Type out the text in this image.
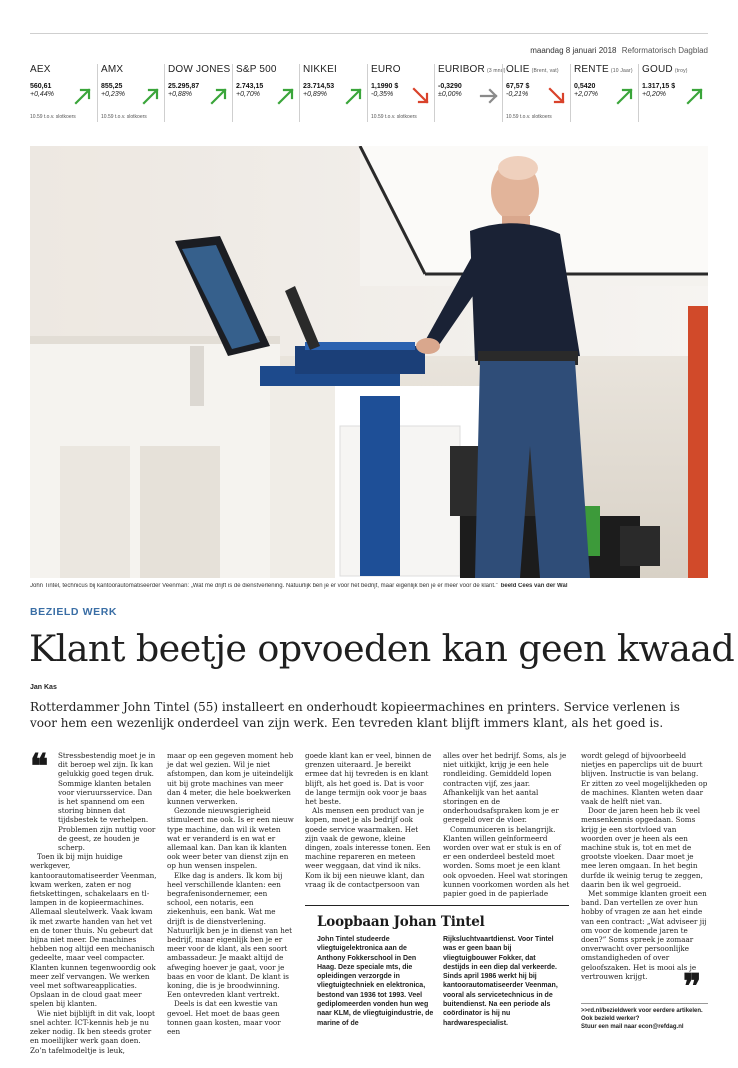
maandag 8 januari 2018 Reformatorisch Dagblad
AEX
560,61
+0,44%
10.59 t.o.v. slotkoers
AMX
855,25
+0,23%
10.59 t.o.v. slotkoers
DOW JONES
25.295,87
+0,88%
S&P 500
2.743,15
+0,70%
NIKKEI
23.714,53
+0,89%
EURO
1,1990 $
-0,35%
10.59 t.o.v. slotkoers
EURIBOR (3 mnd)
-0,3290
±0,00%
OLIE (Brent, vat)
67,57 $
-0,21%
10.59 t.o.v. slotkoers
RENTE (10 Jaar)
0,5420
+2,07%
GOUD (troy)
1.317,15 $
+0,20%
John Tintel, technicus bij kantoorautomatiseerder Veenman: „Wat me drijft is de dienstverlening. Natuurlijk ben je er voor het bedrijf, maar eigenlijk ben je er meer voor de klant.” beeld Cees van der Wal
BEZIELD WERK
Klant beetje opvoeden kan geen kwaad
Jan Kas
Rotterdammer John Tintel (55) installeert en onderhoudt kopieermachines en printers. Service verlenen is voor hem een wezenlijk onderdeel van zijn werk. Een tevreden klant blijft immers klant, als het goed is.
❝	Stressbestendig moet je in dit beroep wel zijn. Ik kan gelukkig goed tegen druk. Sommige klanten betalen voor vieruursservice. Dan is het spannend om een storing binnen dat tijdsbestek te verhelpen. Problemen zijn nuttig voor de geest, ze houden je scherp.

Toen ik bij mijn huidige werkgever, kantoorautomatiseerder Veenman, kwam werken, zaten er nog fietskettingen, schakelaars en tl-lampen in de kopieermachines. Allemaal sleutelwerk. Vaak kwam ik met zwarte handen van het vet en de toner thuis. Nu gebeurt dat bijna niet meer. De machines hebben nog altijd een mechanisch gedeelte, maar veel compacter. Klanten kunnen tegenwoordig ook meer zelf vervangen. We werken veel met softwareapplicaties. Opslaan in de cloud gaat meer spelen bij klanten.

Wie niet bijblijft in dit vak, loopt snel achter. ICT-kennis heb je nu zeker nodig. Ik ben steeds groter en moeilijker werk gaan doen. Zo’n tafelmodeltje is leuk,

maar op een gegeven moment heb je dat wel gezien. Wil je niet afstompen, dan kom je uiteindelijk uit bij grote machines van meer dan 4 meter, die hele boekwerken kunnen verwerken.

Gezonde nieuwsgierigheid stimuleert me ook. Is er een nieuw type machine, dan wil ik weten wat er veranderd is en wat er allemaal kan. Dan kan ik klanten ook weer beter van dienst zijn en op hun wensen inspelen.

Elke dag is anders. Ik kom bij heel verschillende klanten: een begrafenisondernemer, een school, een notaris, een ziekenhuis, een bank. Wat me drijft is de dienstverlening. Natuurlijk ben je in dienst van het bedrijf, maar eigenlijk ben je er meer voor de klant, als een soort ambassadeur. Je maakt altijd de afweging hoever je gaat, voor je baas en voor de klant. De klant is koning, die is je broodwinning. Een ontevreden klant vertrekt.

Deels is dat een kwestie van gevoel. Het moet de baas geen tonnen gaan kosten, maar voor een

goede klant kan er veel, binnen de grenzen uiteraard. Je bereikt ermee dat hij tevreden is en klant blijft, als het goed is. Dat is voor de lange termijn ook voor je baas het beste.

Als mensen een product van je kopen, moet je als bedrijf ook goede service waarmaken. Het zijn vaak de gewone, kleine dingen, zoals interesse tonen. Een machine repareren en meteen weer weggaan, dat vind ik niks. Kom ik bij een nieuwe klant, dan vraag ik de contactpersoon van

alles over het bedrijf. Soms, als je niet uitkijkt, krijg je een hele rondleiding. Gemiddeld lopen contracten vijf, zes jaar. Afhankelijk van het aantal storingen en de onderhoudsafspraken kom je er geregeld over de vloer.

Communiceren is belangrijk. Klanten willen geïnformeerd worden over wat er stuk is en of er een onderdeel besteld moet worden. Soms moet je een klant ook opvoeden. Heel wat storingen kunnen voorkomen worden als het papier goed in de papierlade

wordt gelegd of bijvoorbeeld nietjes en paperclips uit de buurt blijven. Instructie is van belang. Er zitten zo veel mogelijkheden op de machines. Klanten weten daar vaak de helft niet van.

Door de jaren heen heb ik veel mensenkennis opgedaan. Soms krijg je een stortvloed van woorden over je heen als een machine stuk is, tot en met de grootste vloeken. Daar moet je mee leren omgaan. In het begin durfde ik weinig terug te zeggen, daarin ben ik wel gegroeid.

Met sommige klanten groeit een band. Dan vertellen ze over hun hobby of vragen ze aan het einde van een contract: „Wat adviseer jij om voor de komende jaren te doen?” Soms spreek je zomaar onverwacht over persoonlijke omstandigheden of over geloofszaken. Het is mooi als je vertrouwen krijgt.	❞
Loopbaan Johan Tintel
John Tintel studeerde vliegtuigelektronica aan de Anthony Fokkerschool in Den Haag. Deze speciale mts, die opleidingen verzorgde in vliegtuigtechniek en elektronica, bestond van 1936 tot 1993. Veel gediplomeerden vonden hun weg naar KLM, de vliegtuigindustrie, de marine of de
Rijksluchtvaartdienst. Voor Tintel was er geen baan bij vliegtuigbouwer Fokker, dat destijds in een diep dal verkeerde. Sinds april 1986 werkt hij bij kantoorautomatiseerder Veenman, vooral als servicetechnicus in de buitendienst. Na een periode als coördinator is hij nu hardwarespecialist.
>>rd.nl/bezieldwerk voor eerdere artikelen. Ook bezield werker?
Stuur een mail naar econ@refdag.nl
